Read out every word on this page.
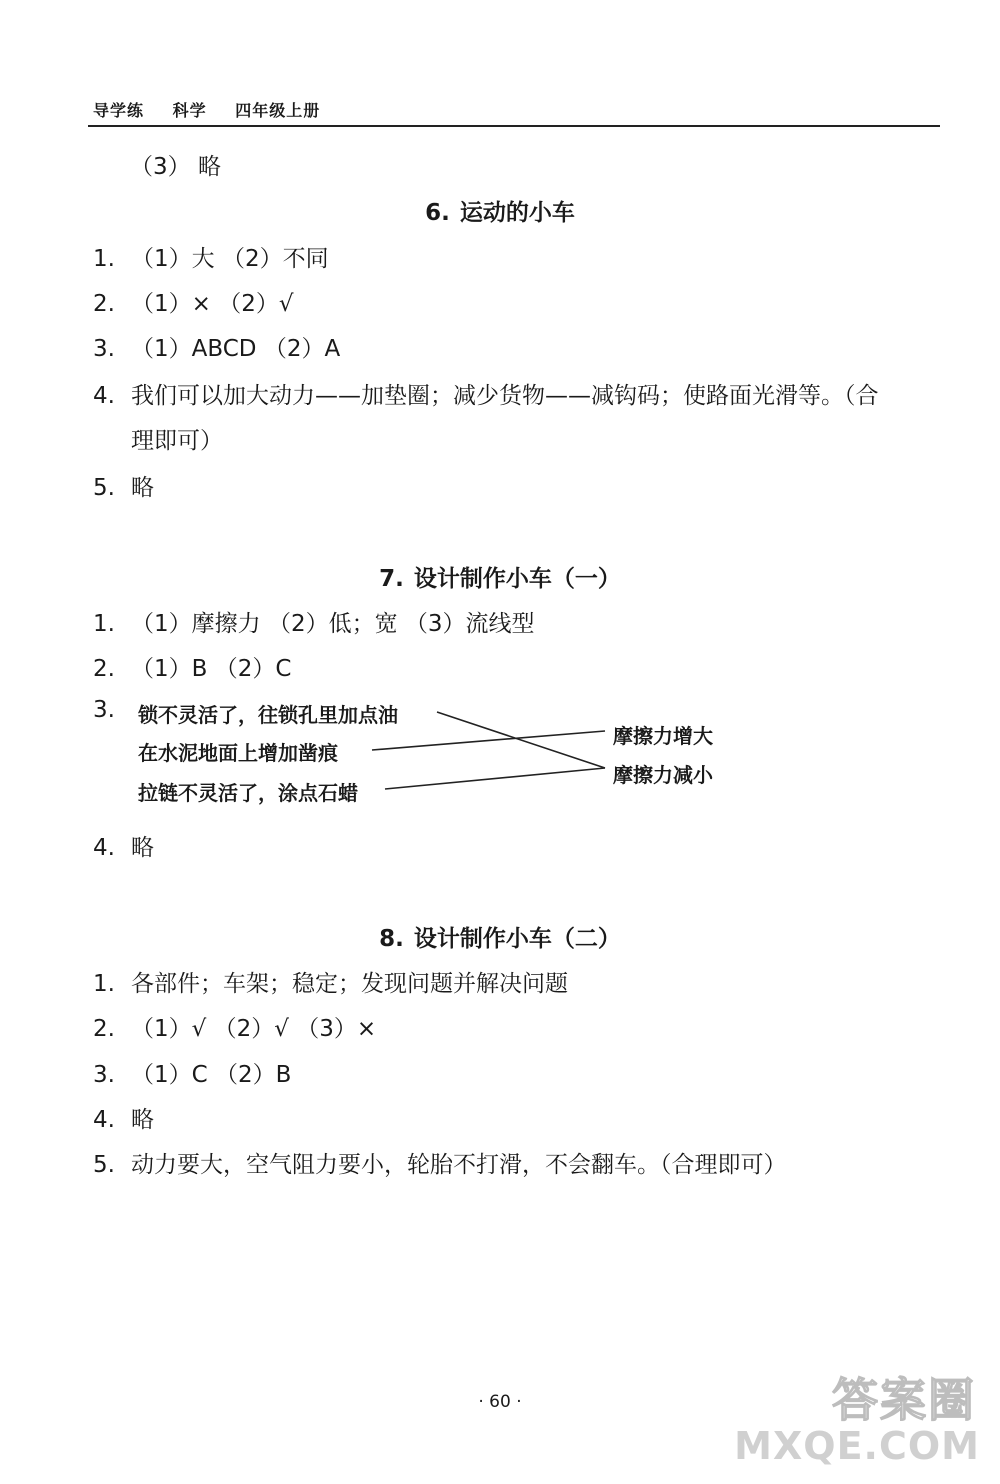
导学练 科学 四年级上册
（3） 略
6. 运动的小车
1. （1）大 （2）不同
2. （1）× （2）√
3. （1）ABCD （2）A
4. 我们可以加大动力——加垫圈；减少货物——减钩码；使路面光滑等。（合
理即可）
5. 略
7. 设计制作小车（一）
1. （1）摩擦力 （2）低；宽 （3）流线型
2. （1）B （2）C
3.	锁不灵活了，往锁孔里加点油
在水泥地面上增加凿痕
拉链不灵活了，涂点石蜡
摩擦力增大
摩擦力减小
4. 略
8. 设计制作小车（二）
1. 各部件；车架；稳定；发现问题并解决问题
2. （1）√ （2）√ （3）×
3. （1）C （2）B
4. 略
5. 动力要大，空气阻力要小，轮胎不打滑，不会翻车。（合理即可）
· 60 ·	答案圈
MXQE.COM
